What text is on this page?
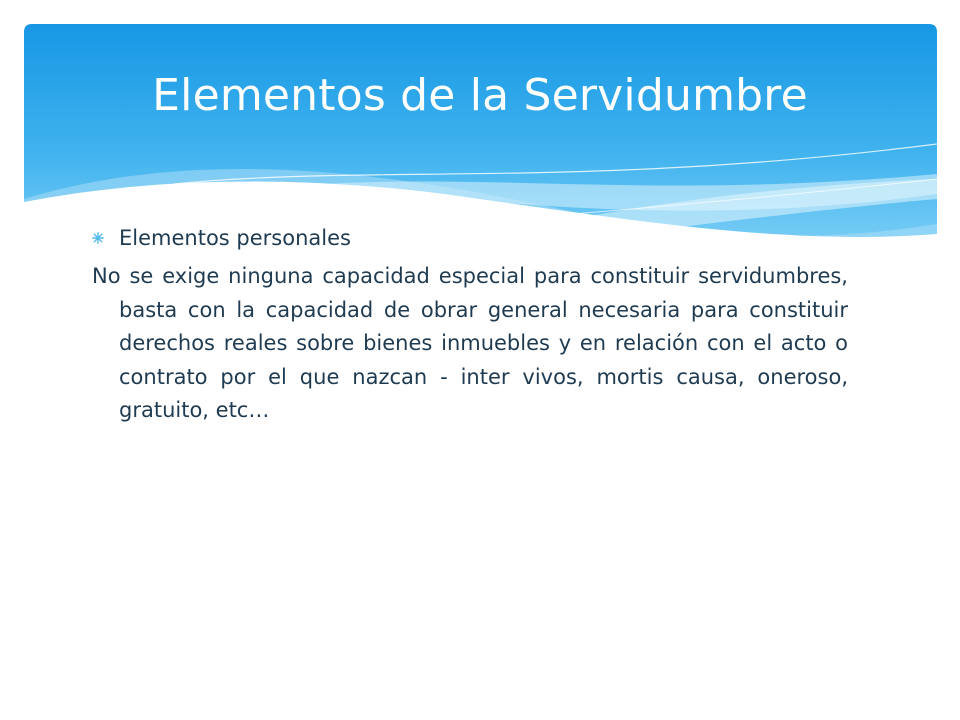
Elementos de la Servidumbre
Elementos personales

No se exige ninguna capacidad especial para constituir servidumbres, basta con la capacidad de obrar general necesaria para constituir derechos reales sobre bienes inmuebles y en relación con el acto o contrato por el que nazcan - inter vivos, mortis causa, oneroso, gratuito, etc…
